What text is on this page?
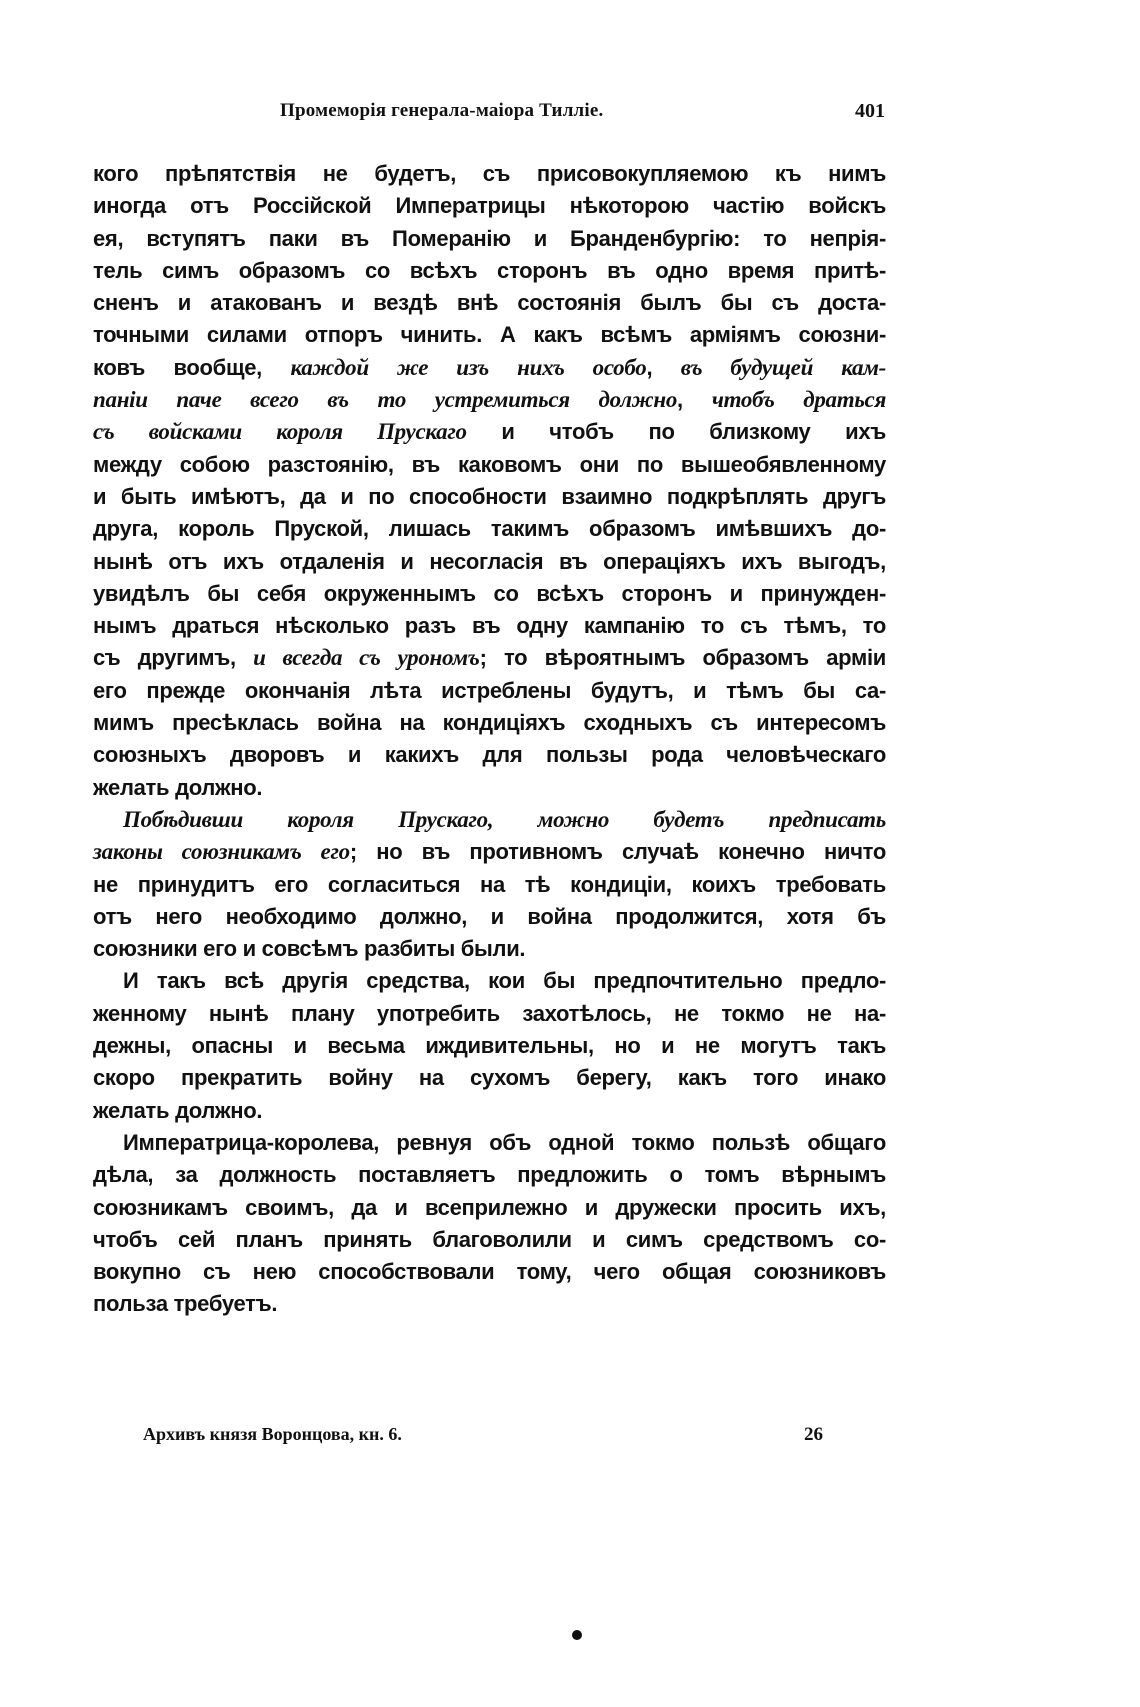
Промеморія генерала-маіора Тилліе.	401
кого прѣпятствія не будетъ, съ присовокупляемою къ нимъ
иногда отъ Россійской Императрицы нѣкоторою частію войскъ
ея, вступятъ паки въ Померанію и Бранденбургію: то непрія-
тель симъ образомъ со всѣхъ сторонъ въ одно время притѣ-
сненъ и атакованъ и вездѣ внѣ состоянія былъ бы съ доста-
точными силами отпоръ чинить. А какъ всѣмъ арміямъ союзни-
ковъ вообще, каждой же изъ нихъ особо, въ будущей кам-
паніи паче всего въ то устремиться должно, чтобъ драться
съ войсками короля Прускаго и чтобъ по близкому ихъ
между собою разстоянію, въ каковомъ они по вышеобявленному
и быть имѣютъ, да и по способности взаимно подкрѣплять другъ
друга, король Пруской, лишась такимъ образомъ имѣвшихъ до-
нынѣ отъ ихъ отдаленія и несогласія въ операціяхъ ихъ выгодъ,
увидѣлъ бы себя окруженнымъ со всѣхъ сторонъ и принужден-
нымъ драться нѣсколько разъ въ одну кампанію то съ тѣмъ, то
съ другимъ, и всегда съ урономъ; то вѣроятнымъ образомъ арміи
его прежде окончанія лѣта истреблены будутъ, и тѣмъ бы са-
мимъ пресѣклась война на кондиціяхъ сходныхъ съ интересомъ
союзныхъ дворовъ и какихъ для пользы рода человѣческаго
желать должно.
Побѣдивши короля Прускаго, можно будетъ предписать
законы союзникамъ его; но въ противномъ случаѣ конечно ничто
не принудитъ его согласиться на тѣ кондиціи, коихъ требовать
отъ него необходимо должно, и война продолжится, хотя бъ
союзники его и совсѣмъ разбиты были.
И такъ всѣ другія средства, кои бы предпочтительно предло-
женному нынѣ плану употребить захотѣлось, не токмо не на-
дежны, опасны и весьма иждивительны, но и не могутъ такъ
скоро прекратить войну на сухомъ берегу, какъ того инако
желать должно.
Императрица-королева, ревнуя объ одной токмо пользѣ общаго
дѣла, за должность поставляетъ предложить о томъ вѣрнымъ
союзникамъ своимъ, да и всеприлежно и дружески просить ихъ,
чтобъ сей планъ принять благоволили и симъ средствомъ со-
вокупно съ нею способствовали тому, чего общая союзниковъ
польза требуетъ.
Архивъ князя Воронцова, кн. 6.	26
